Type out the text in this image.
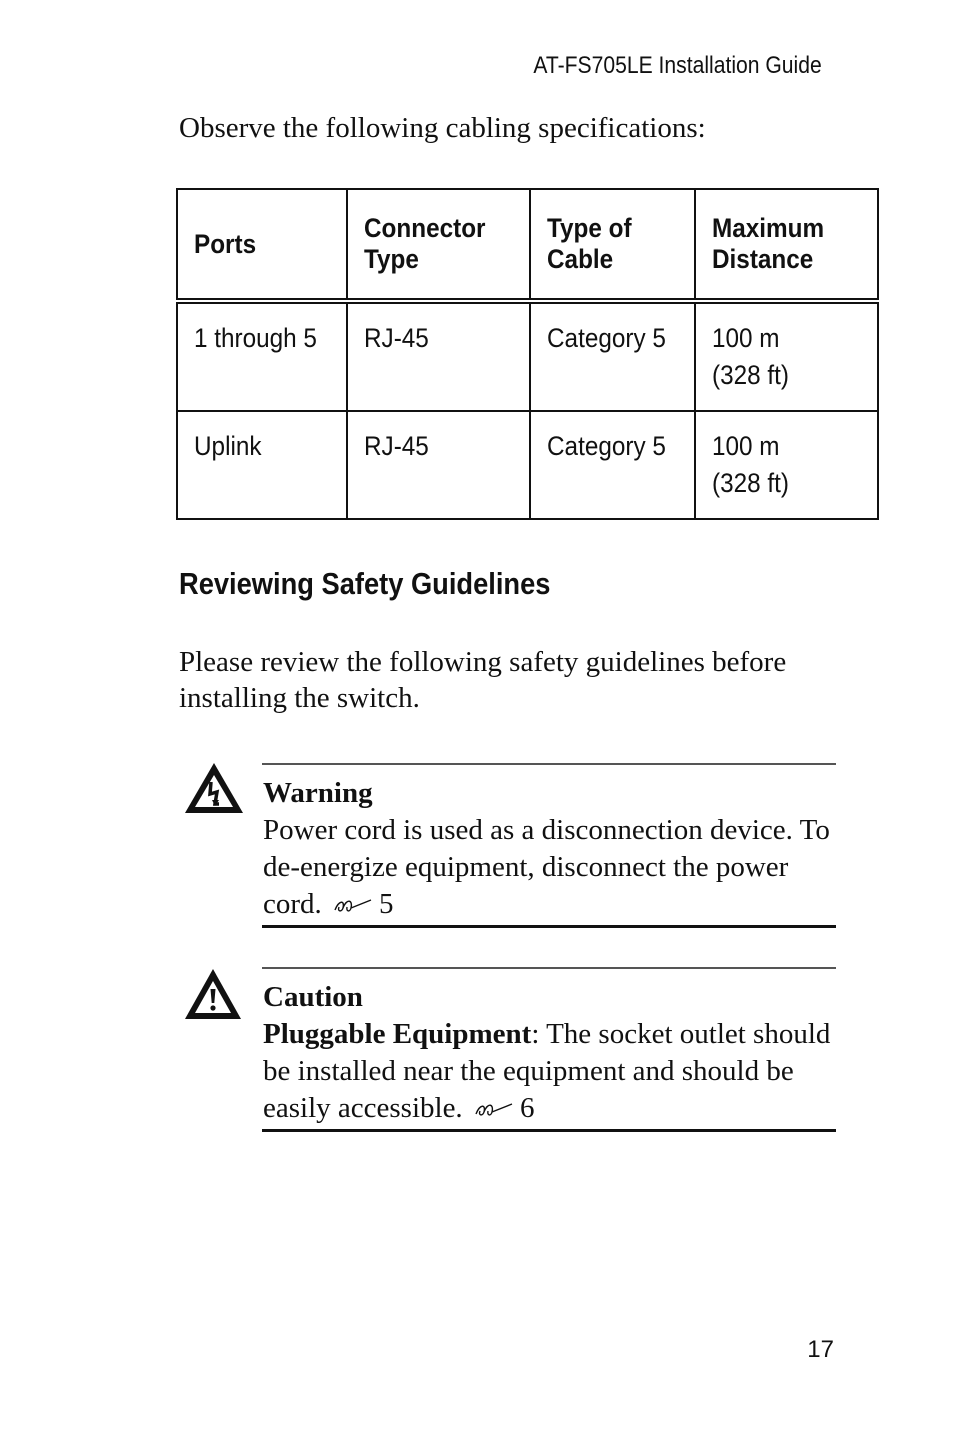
AT-FS705LE Installation Guide
Observe the following cabling specifications:
Ports	Connector Type	Type of Cable	Maximum Distance

1 through 5	RJ-45	Category 5	100 m (328 ft)

Uplink	RJ-45	Category 5	100 m (328 ft)
Reviewing Safety Guidelines
Please review the following safety guidelines before installing the switch.
Warning
Power cord is used as a disconnection device. To de-energize equipment, disconnect the power cord. 5
Caution
Pluggable Equipment: The socket outlet should be installed near the equipment and should be easily accessible. 6
17
